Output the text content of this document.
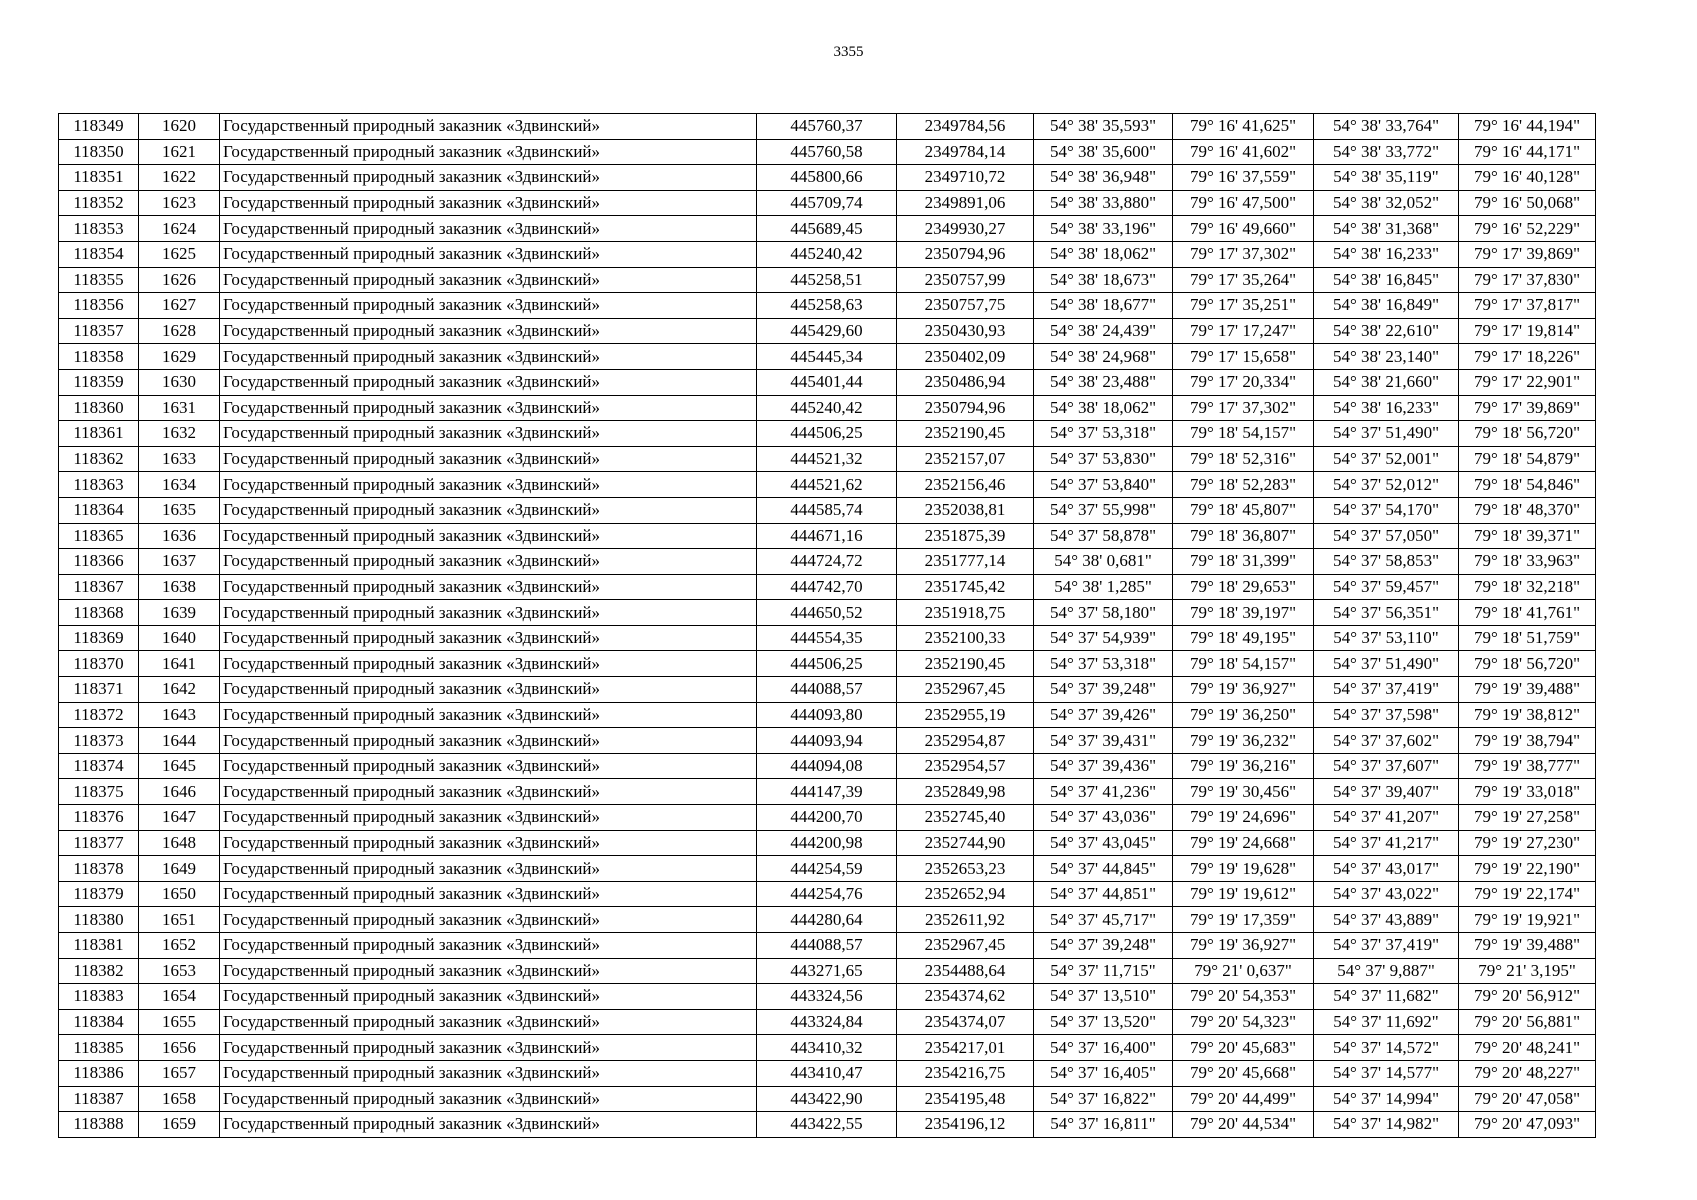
3355
118349	1620	Государственный природный заказник «Здвинский»	445760,37	2349784,56	54° 38' 35,593"	79° 16' 41,625"	54° 38' 33,764"	79° 16' 44,194"
118350	1621	Государственный природный заказник «Здвинский»	445760,58	2349784,14	54° 38' 35,600"	79° 16' 41,602"	54° 38' 33,772"	79° 16' 44,171"
118351	1622	Государственный природный заказник «Здвинский»	445800,66	2349710,72	54° 38' 36,948"	79° 16' 37,559"	54° 38' 35,119"	79° 16' 40,128"
118352	1623	Государственный природный заказник «Здвинский»	445709,74	2349891,06	54° 38' 33,880"	79° 16' 47,500"	54° 38' 32,052"	79° 16' 50,068"
118353	1624	Государственный природный заказник «Здвинский»	445689,45	2349930,27	54° 38' 33,196"	79° 16' 49,660"	54° 38' 31,368"	79° 16' 52,229"
118354	1625	Государственный природный заказник «Здвинский»	445240,42	2350794,96	54° 38' 18,062"	79° 17' 37,302"	54° 38' 16,233"	79° 17' 39,869"
118355	1626	Государственный природный заказник «Здвинский»	445258,51	2350757,99	54° 38' 18,673"	79° 17' 35,264"	54° 38' 16,845"	79° 17' 37,830"
118356	1627	Государственный природный заказник «Здвинский»	445258,63	2350757,75	54° 38' 18,677"	79° 17' 35,251"	54° 38' 16,849"	79° 17' 37,817"
118357	1628	Государственный природный заказник «Здвинский»	445429,60	2350430,93	54° 38' 24,439"	79° 17' 17,247"	54° 38' 22,610"	79° 17' 19,814"
118358	1629	Государственный природный заказник «Здвинский»	445445,34	2350402,09	54° 38' 24,968"	79° 17' 15,658"	54° 38' 23,140"	79° 17' 18,226"
118359	1630	Государственный природный заказник «Здвинский»	445401,44	2350486,94	54° 38' 23,488"	79° 17' 20,334"	54° 38' 21,660"	79° 17' 22,901"
118360	1631	Государственный природный заказник «Здвинский»	445240,42	2350794,96	54° 38' 18,062"	79° 17' 37,302"	54° 38' 16,233"	79° 17' 39,869"
118361	1632	Государственный природный заказник «Здвинский»	444506,25	2352190,45	54° 37' 53,318"	79° 18' 54,157"	54° 37' 51,490"	79° 18' 56,720"
118362	1633	Государственный природный заказник «Здвинский»	444521,32	2352157,07	54° 37' 53,830"	79° 18' 52,316"	54° 37' 52,001"	79° 18' 54,879"
118363	1634	Государственный природный заказник «Здвинский»	444521,62	2352156,46	54° 37' 53,840"	79° 18' 52,283"	54° 37' 52,012"	79° 18' 54,846"
118364	1635	Государственный природный заказник «Здвинский»	444585,74	2352038,81	54° 37' 55,998"	79° 18' 45,807"	54° 37' 54,170"	79° 18' 48,370"
118365	1636	Государственный природный заказник «Здвинский»	444671,16	2351875,39	54° 37' 58,878"	79° 18' 36,807"	54° 37' 57,050"	79° 18' 39,371"
118366	1637	Государственный природный заказник «Здвинский»	444724,72	2351777,14	54° 38' 0,681"	79° 18' 31,399"	54° 37' 58,853"	79° 18' 33,963"
118367	1638	Государственный природный заказник «Здвинский»	444742,70	2351745,42	54° 38' 1,285"	79° 18' 29,653"	54° 37' 59,457"	79° 18' 32,218"
118368	1639	Государственный природный заказник «Здвинский»	444650,52	2351918,75	54° 37' 58,180"	79° 18' 39,197"	54° 37' 56,351"	79° 18' 41,761"
118369	1640	Государственный природный заказник «Здвинский»	444554,35	2352100,33	54° 37' 54,939"	79° 18' 49,195"	54° 37' 53,110"	79° 18' 51,759"
118370	1641	Государственный природный заказник «Здвинский»	444506,25	2352190,45	54° 37' 53,318"	79° 18' 54,157"	54° 37' 51,490"	79° 18' 56,720"
118371	1642	Государственный природный заказник «Здвинский»	444088,57	2352967,45	54° 37' 39,248"	79° 19' 36,927"	54° 37' 37,419"	79° 19' 39,488"
118372	1643	Государственный природный заказник «Здвинский»	444093,80	2352955,19	54° 37' 39,426"	79° 19' 36,250"	54° 37' 37,598"	79° 19' 38,812"
118373	1644	Государственный природный заказник «Здвинский»	444093,94	2352954,87	54° 37' 39,431"	79° 19' 36,232"	54° 37' 37,602"	79° 19' 38,794"
118374	1645	Государственный природный заказник «Здвинский»	444094,08	2352954,57	54° 37' 39,436"	79° 19' 36,216"	54° 37' 37,607"	79° 19' 38,777"
118375	1646	Государственный природный заказник «Здвинский»	444147,39	2352849,98	54° 37' 41,236"	79° 19' 30,456"	54° 37' 39,407"	79° 19' 33,018"
118376	1647	Государственный природный заказник «Здвинский»	444200,70	2352745,40	54° 37' 43,036"	79° 19' 24,696"	54° 37' 41,207"	79° 19' 27,258"
118377	1648	Государственный природный заказник «Здвинский»	444200,98	2352744,90	54° 37' 43,045"	79° 19' 24,668"	54° 37' 41,217"	79° 19' 27,230"
118378	1649	Государственный природный заказник «Здвинский»	444254,59	2352653,23	54° 37' 44,845"	79° 19' 19,628"	54° 37' 43,017"	79° 19' 22,190"
118379	1650	Государственный природный заказник «Здвинский»	444254,76	2352652,94	54° 37' 44,851"	79° 19' 19,612"	54° 37' 43,022"	79° 19' 22,174"
118380	1651	Государственный природный заказник «Здвинский»	444280,64	2352611,92	54° 37' 45,717"	79° 19' 17,359"	54° 37' 43,889"	79° 19' 19,921"
118381	1652	Государственный природный заказник «Здвинский»	444088,57	2352967,45	54° 37' 39,248"	79° 19' 36,927"	54° 37' 37,419"	79° 19' 39,488"
118382	1653	Государственный природный заказник «Здвинский»	443271,65	2354488,64	54° 37' 11,715"	79° 21' 0,637"	54° 37' 9,887"	79° 21' 3,195"
118383	1654	Государственный природный заказник «Здвинский»	443324,56	2354374,62	54° 37' 13,510"	79° 20' 54,353"	54° 37' 11,682"	79° 20' 56,912"
118384	1655	Государственный природный заказник «Здвинский»	443324,84	2354374,07	54° 37' 13,520"	79° 20' 54,323"	54° 37' 11,692"	79° 20' 56,881"
118385	1656	Государственный природный заказник «Здвинский»	443410,32	2354217,01	54° 37' 16,400"	79° 20' 45,683"	54° 37' 14,572"	79° 20' 48,241"
118386	1657	Государственный природный заказник «Здвинский»	443410,47	2354216,75	54° 37' 16,405"	79° 20' 45,668"	54° 37' 14,577"	79° 20' 48,227"
118387	1658	Государственный природный заказник «Здвинский»	443422,90	2354195,48	54° 37' 16,822"	79° 20' 44,499"	54° 37' 14,994"	79° 20' 47,058"
118388	1659	Государственный природный заказник «Здвинский»	443422,55	2354196,12	54° 37' 16,811"	79° 20' 44,534"	54° 37' 14,982"	79° 20' 47,093"
